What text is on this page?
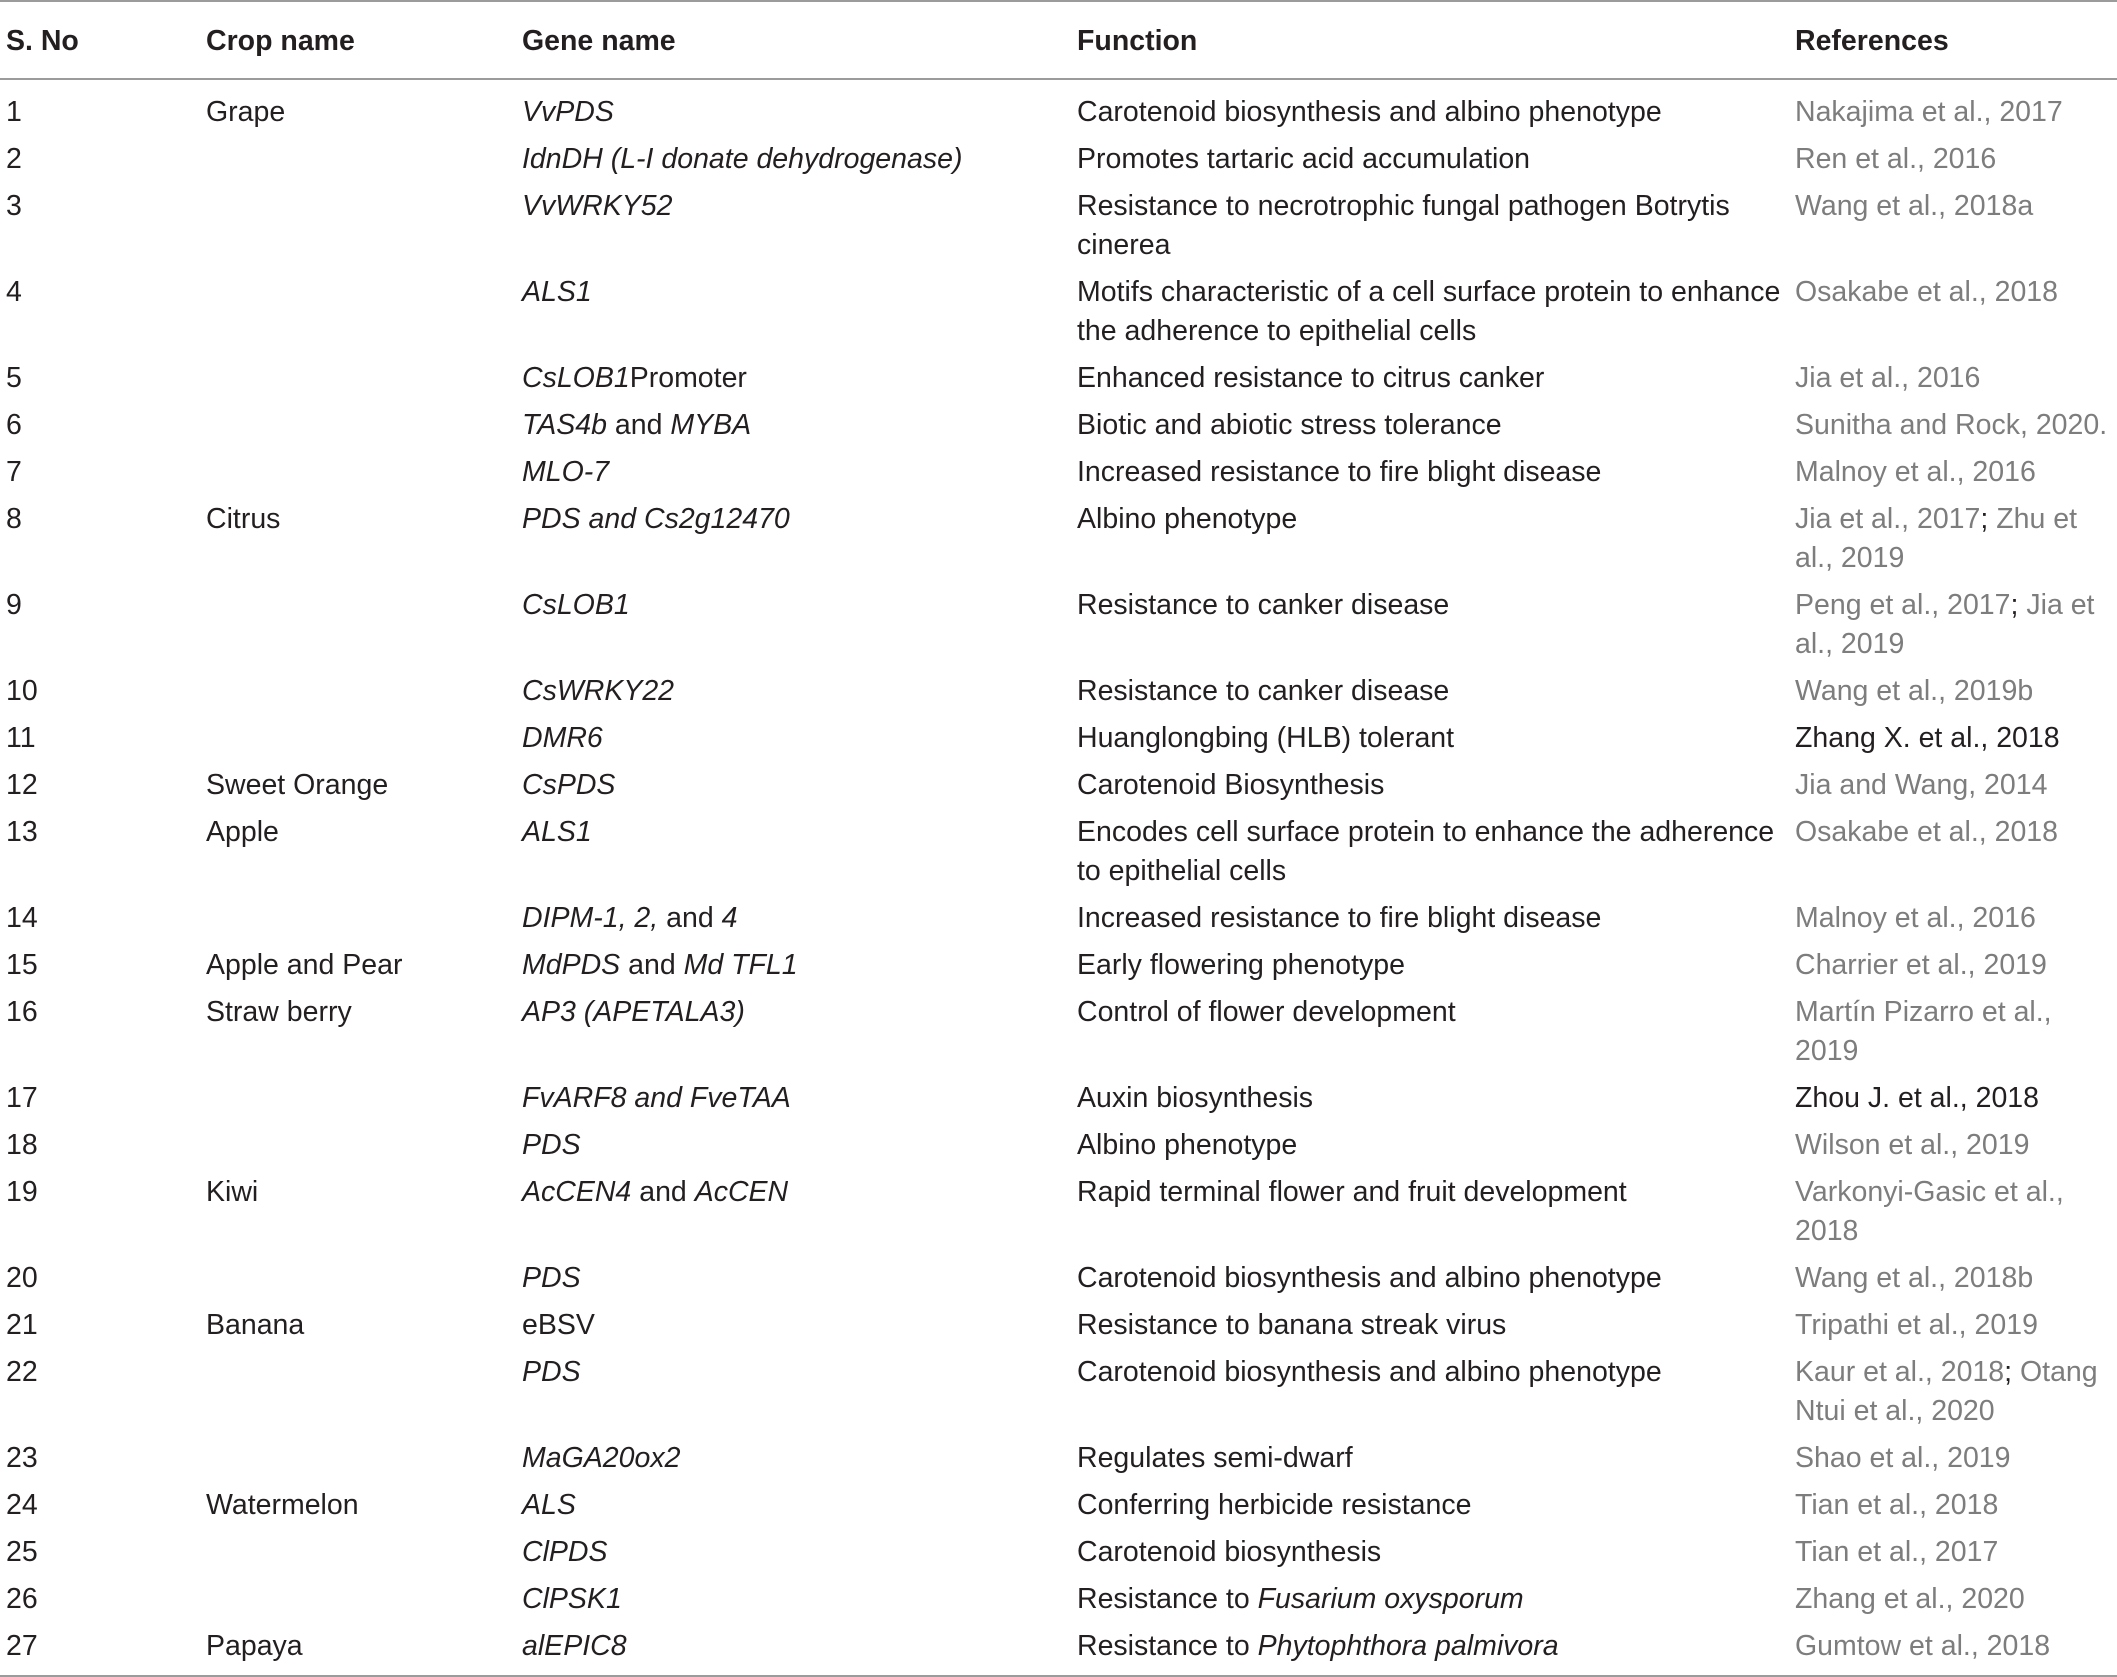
S. No	Crop name	Gene name	Function	References
1	Grape	VvPDS	Carotenoid biosynthesis and albino phenotype	Nakajima et al., 2017
2		IdnDH (L-I donate dehydrogenase)	Promotes tartaric acid accumulation	Ren et al., 2016
3		VvWRKY52	Resistance to necrotrophic fungal pathogen Botrytis cinerea	Wang et al., 2018a
4		ALS1	Motifs characteristic of a cell surface protein to enhance the adherence to epithelial cells	Osakabe et al., 2018
5		CsLOB1Promoter	Enhanced resistance to citrus canker	Jia et al., 2016
6		TAS4b and MYBA	Biotic and abiotic stress tolerance	Sunitha and Rock, 2020.
7		MLO-7	Increased resistance to fire blight disease	Malnoy et al., 2016
8	Citrus	PDS and Cs2g12470	Albino phenotype	Jia et al., 2017; Zhu et al., 2019
9		CsLOB1	Resistance to canker disease	Peng et al., 2017; Jia et al., 2019
10		CsWRKY22	Resistance to canker disease	Wang et al., 2019b
11		DMR6	Huanglongbing (HLB) tolerant	Zhang X. et al., 2018
12	Sweet Orange	CsPDS	Carotenoid Biosynthesis	Jia and Wang, 2014
13	Apple	ALS1	Encodes cell surface protein to enhance the adherence to epithelial cells	Osakabe et al., 2018
14		DIPM-1, 2, and 4	Increased resistance to fire blight disease	Malnoy et al., 2016
15	Apple and Pear	MdPDS and Md TFL1	Early flowering phenotype	Charrier et al., 2019
16	Straw berry	AP3 (APETALA3)	Control of flower development	Martín Pizarro et al., 2019
17		FvARF8 and FveTAA	Auxin biosynthesis	Zhou J. et al., 2018
18		PDS	Albino phenotype	Wilson et al., 2019
19	Kiwi	AcCEN4 and AcCEN	Rapid terminal flower and fruit development	Varkonyi-Gasic et al., 2018
20		PDS	Carotenoid biosynthesis and albino phenotype	Wang et al., 2018b
21	Banana	eBSV	Resistance to banana streak virus	Tripathi et al., 2019
22		PDS	Carotenoid biosynthesis and albino phenotype	Kaur et al., 2018; Otang Ntui et al., 2020
23		MaGA20ox2	Regulates semi-dwarf	Shao et al., 2019
24	Watermelon	ALS	Conferring herbicide resistance	Tian et al., 2018
25		ClPDS	Carotenoid biosynthesis	Tian et al., 2017
26		ClPSK1	Resistance to Fusarium oxysporum	Zhang et al., 2020
27	Papaya	alEPIC8	Resistance to Phytophthora palmivora	Gumtow et al., 2018
